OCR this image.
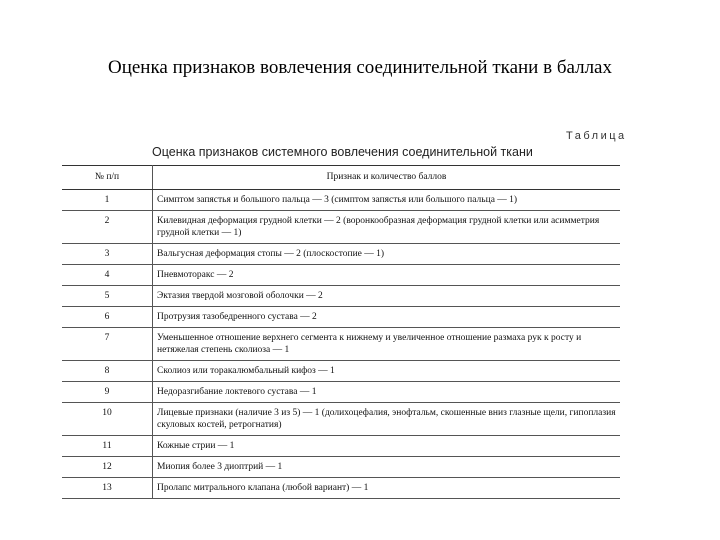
Оценка признаков вовлечения соединительной ткани в баллах
Таблица
Оценка признаков системного вовлечения соединительной ткани
№ п/п	Признак и количество баллов
1	Симптом запястья и большого пальца — 3 (симптом запястья или большого пальца — 1)
2	Килевидная деформация грудной клетки — 2 (воронкообразная деформация грудной клетки или асимметрия грудной клетки — 1)
3	Вальгусная деформация стопы — 2 (плоскостопие — 1)
4	Пневмоторакс — 2
5	Эктазия твердой мозговой оболочки — 2
6	Протрузия тазобедренного сустава — 2
7	Уменьшенное отношение верхнего сегмента к нижнему и увеличенное отношение размаха рук к росту и нетяжелая степень сколиоза — 1
8	Сколиоз или торакалюмбальный кифоз — 1
9	Недоразгибание локтевого сустава — 1
10	Лицевые признаки (наличие 3 из 5) — 1 (долихоцефалия, энофтальм, скошенные вниз глазные щели, гипоплазия скуловых костей, ретрогнатия)
11	Кожные стрии — 1
12	Миопия более 3 диоптрий — 1
13	Пролапс митрального клапана (любой вариант) — 1
